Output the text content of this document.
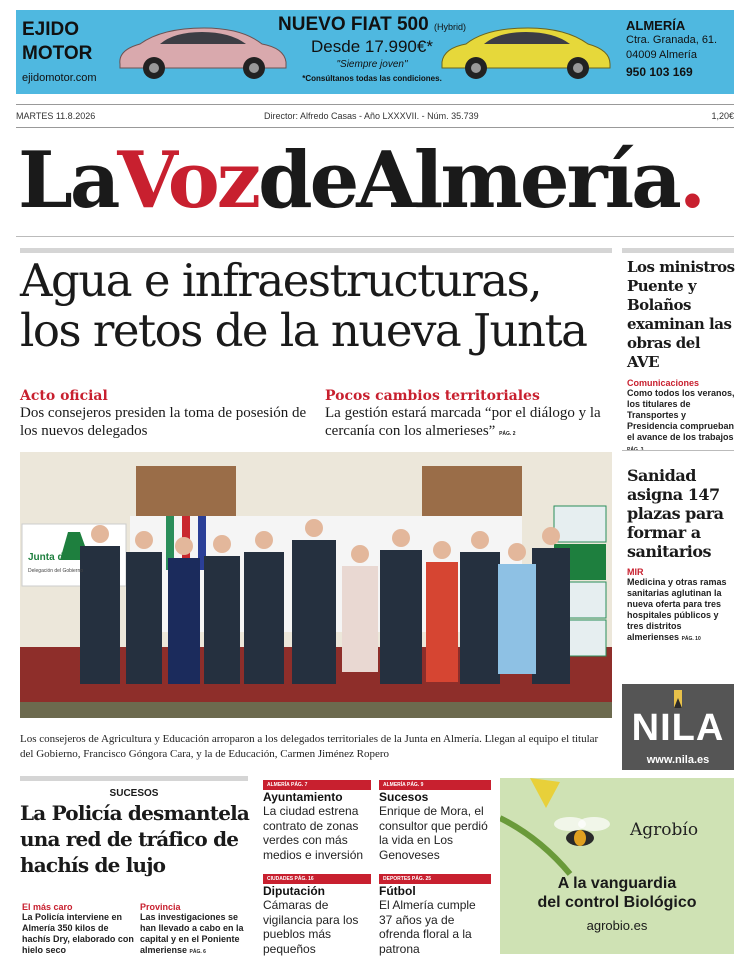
EJIDO
MOTOR
ejidomotor.com
NUEVO FIAT 500 (Hybrid)
Desde 17.990€*
"Siempre joven"
*Consúltanos todas las condiciones.
ALMERÍA
Ctra. Granada, 61.
04009 Almería
950 103 169
MARTES 11.8.2026	Director: Alfredo Casas - Año LXXXVII. - Núm. 35.739	1,20€
LaVozdeAlmería.
Agua e infraestructuras,
los retos de la nueva Junta
Acto oficial
Dos consejeros presiden la toma de posesión de los nuevos delegados
Pocos cambios territoriales
La gestión estará marcada “por el diálogo y la cercanía con los almerieses” PÁG. 2
Junta de
Delegación del Gobierno
Los consejeros de Agricultura y Educación arroparon a los delegados territoriales de la Junta en Almería. Llegan al equipo el titular del Gobierno, Francisco Góngora Cara, y la de Educación, Carmen Jiménez Ropero
Los ministros Puente y Bolaños examinan las obras del AVE
Comunicaciones
Como todos los veranos, los titulares de Transportes y Presidencia comprueban el avance de los trabajos
Sanidad asigna 147 plazas para formar a sanitarios
MIR
Medicina y otras ramas sanitarias aglutinan la nueva oferta para tres hospitales públicos y tres distritos almerienses PÁG. 10
NILA
www.nila.es
SUCESOS
La Policía desmantela una red de tráfico de hachís de lujo
El más caro
La Policía interviene en Almería 350 kilos de hachís Dry, elaborado con hielo seco
Provincia
Las investigaciones se han llevado a cabo en la capital y en el Poniente almeriense PÁG. 6
ALMERÍA PÁG. 7
Ayuntamiento
La ciudad estrena contrato de zonas verdes con más medios e inversión
ALMERÍA PÁG. 9
Sucesos
Enrique de Mora, el consultor que perdió la vida en Los Genoveses
CIUDADES PÁG. 16
Diputación
Cámaras de vigilancia para los pueblos más pequeños
DEPORTES PÁG. 25
Fútbol
El Almería cumple 37 años ya de ofrenda floral a la patrona
Agrobío
A la vanguardia
del control Biológico
agrobio.es
